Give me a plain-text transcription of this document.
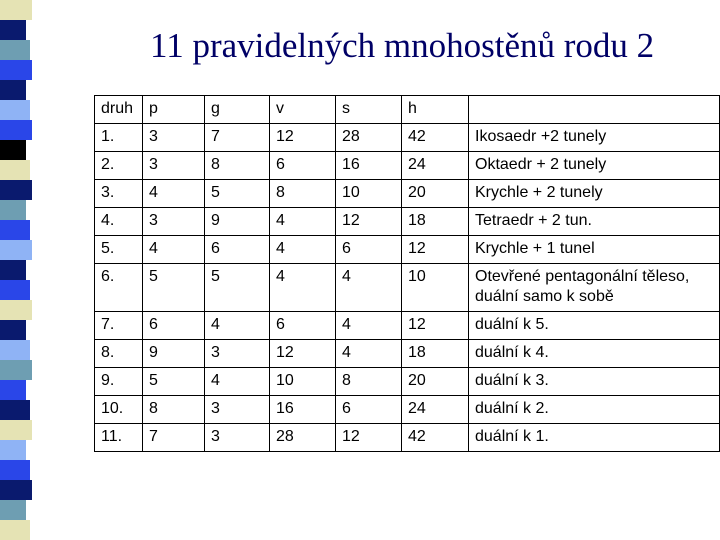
11 pravidelných mnohostěnů rodu 2
druh	p	g	v	s	h	
1.	3	7	12	28	42	Ikosaedr +2 tunely
2.	3	8	6	16	24	Oktaedr + 2 tunely
3.	4	5	8	10	20	Krychle + 2 tunely
4.	3	9	4	12	18	Tetraedr + 2 tun.
5.	4	6	4	6	12	Krychle + 1 tunel
6.	5	5	4	4	10	Otevřené pentagonální těleso, duální samo k sobě
7.	6	4	6	4	12	duální k 5.
8.	9	3	12	4	18	duální k 4.
9.	5	4	10	8	20	duální k 3.
10.	8	3	16	6	24	duální k 2.
11.	7	3	28	12	42	duální k 1.
